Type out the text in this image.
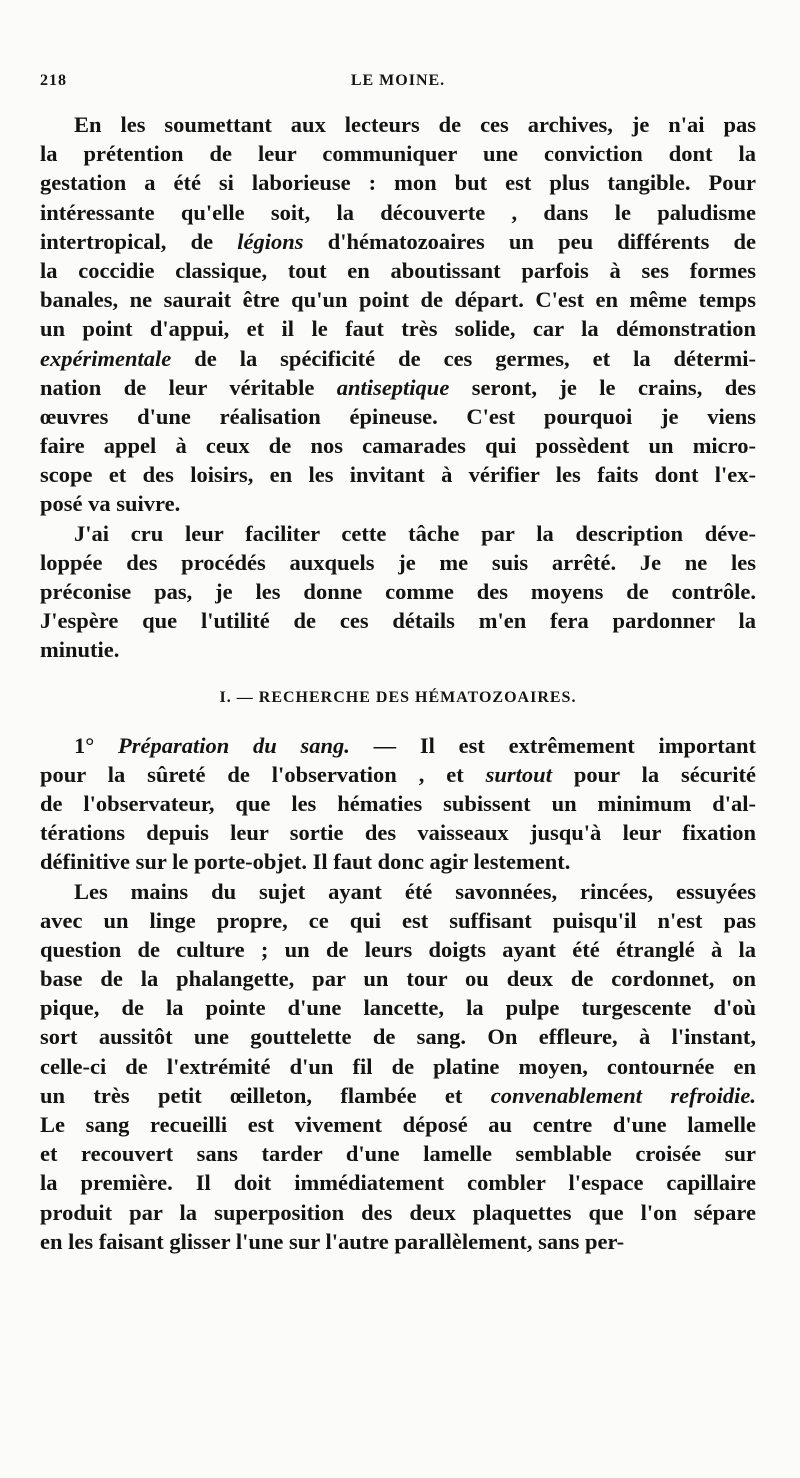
218	LE MOINE.
En les soumettant aux lecteurs de ces archives, je n'ai pas
la prétention de leur communiquer une conviction dont la
gestation a été si laborieuse : mon but est plus tangible. Pour
intéressante qu'elle soit, la découverte , dans le paludisme
intertropical, de légions d'hématozoaires un peu différents de
la coccidie classique, tout en aboutissant parfois à ses formes
banales, ne saurait être qu'un point de départ. C'est en même temps
un point d'appui, et il le faut très solide, car la démonstration
expérimentale de la spécificité de ces germes, et la détermi-
nation de leur véritable antiseptique seront, je le crains, des
œuvres d'une réalisation épineuse. C'est pourquoi je viens
faire appel à ceux de nos camarades qui possèdent un micro-
scope et des loisirs, en les invitant à vérifier les faits dont l'ex-
posé va suivre.
J'ai cru leur faciliter cette tâche par la description déve-
loppée des procédés auxquels je me suis arrêté. Je ne les
préconise pas, je les donne comme des moyens de contrôle.
J'espère que l'utilité de ces détails m'en fera pardonner la
minutie.
I. — RECHERCHE DES HÉMATOZOAIRES.
1° Préparation du sang. — Il est extrêmement important
pour la sûreté de l'observation , et surtout pour la sécurité
de l'observateur, que les hématies subissent un minimum d'al-
térations depuis leur sortie des vaisseaux jusqu'à leur fixation
définitive sur le porte-objet. Il faut donc agir lestement.
Les mains du sujet ayant été savonnées, rincées, essuyées
avec un linge propre, ce qui est suffisant puisqu'il n'est pas
question de culture ; un de leurs doigts ayant été étranglé à la
base de la phalangette, par un tour ou deux de cordonnet, on
pique, de la pointe d'une lancette, la pulpe turgescente d'où
sort aussitôt une gouttelette de sang. On effleure, à l'instant,
celle-ci de l'extrémité d'un fil de platine moyen, contournée en
un très petit œilleton, flambée et convenablement refroidie.
Le sang recueilli est vivement déposé au centre d'une lamelle
et recouvert sans tarder d'une lamelle semblable croisée sur
la première. Il doit immédiatement combler l'espace capillaire
produit par la superposition des deux plaquettes que l'on sépare
en les faisant glisser l'une sur l'autre parallèlement, sans per-
